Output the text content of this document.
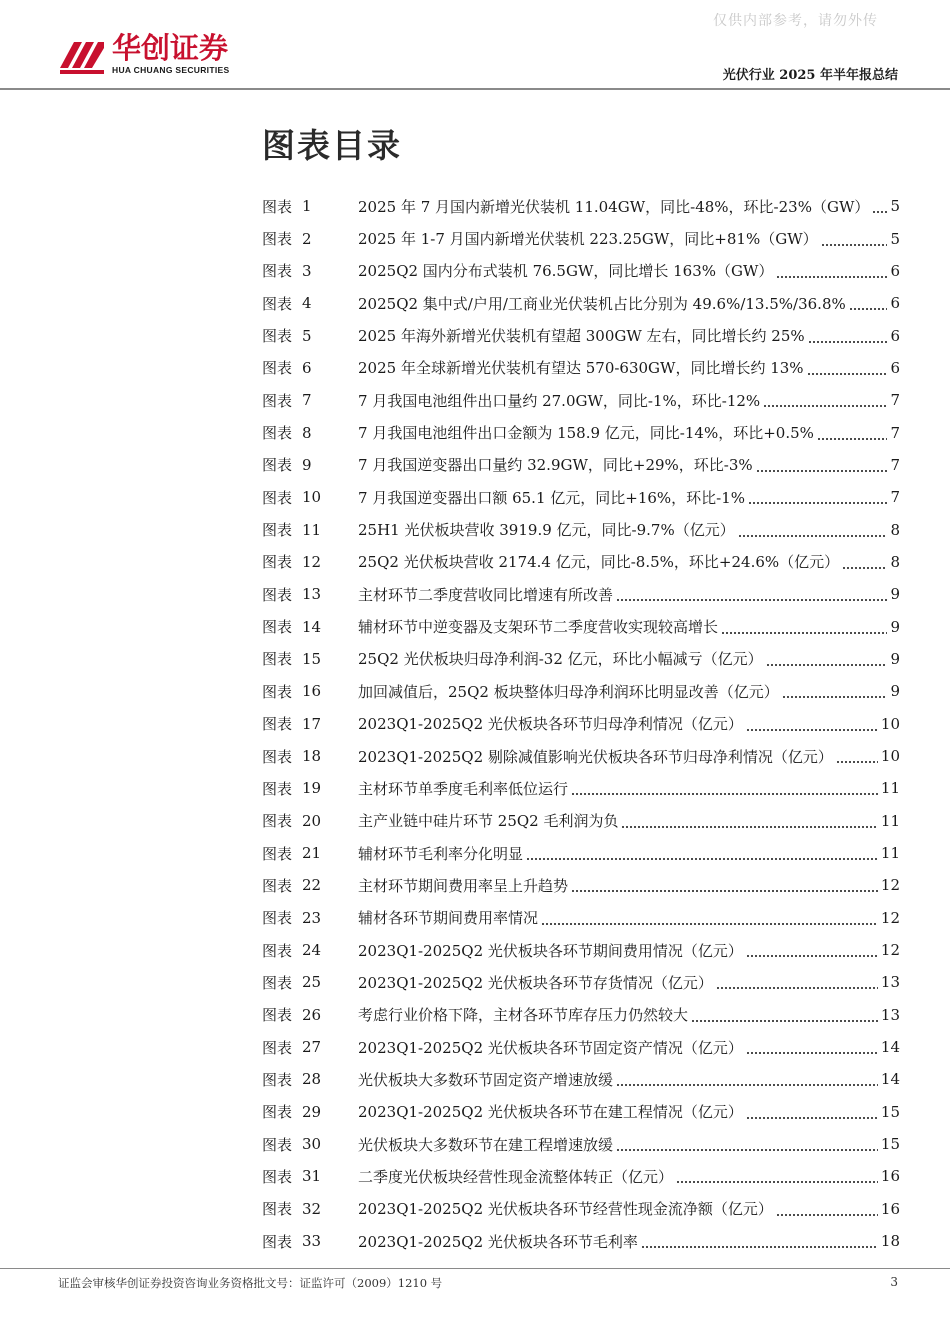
仅供内部参考，请勿外传
华创证券
HUA CHUANG SECURITIES	光伏行业 2025 年半年报总结
图表目录
图表 1	2025 年 7 月国内新增光伏装机 11.04GW，同比-48%，环比-23%（GW） 5
图表 2	2025 年 1-7 月国内新增光伏装机 223.25GW，同比+81%（GW）	5
图表 3	2025Q2 国内分布式装机 76.5GW，同比增长 163%（GW）	6
图表 4	2025Q2 集中式/户用/工商业光伏装机占比分别为 49.6%/13.5%/36.8%	6
图表 5	2025 年海外新增光伏装机有望超 300GW 左右，同比增长约 25%	6
图表 6	2025 年全球新增光伏装机有望达 570-630GW，同比增长约 13%	6
图表 7	7 月我国电池组件出口量约 27.0GW，同比-1%，环比-12%	7
图表 8	7 月我国电池组件出口金额为 158.9 亿元，同比-14%，环比+0.5%	7
图表 9	7 月我国逆变器出口量约 32.9GW，同比+29%，环比-3%	7
图表 10	7 月我国逆变器出口额 65.1 亿元，同比+16%，环比-1%	7
图表 11	25H1 光伏板块营收 3919.9 亿元，同比-9.7%（亿元）	8
图表 12	25Q2 光伏板块营收 2174.4 亿元，同比-8.5%，环比+24.6%（亿元）	8
图表 13	主材环节二季度营收同比增速有所改善	9
图表 14	辅材环节中逆变器及支架环节二季度营收实现较高增长	9
图表 15	25Q2 光伏板块归母净利润-32 亿元，环比小幅减亏（亿元）	9
图表 16	加回减值后，25Q2 板块整体归母净利润环比明显改善（亿元）	9
图表 17	2023Q1-2025Q2 光伏板块各环节归母净利情况（亿元）	10
图表 18	2023Q1-2025Q2 剔除减值影响光伏板块各环节归母净利情况（亿元）	10
图表 19	主材环节单季度毛利率低位运行	11
图表 20	主产业链中硅片环节 25Q2 毛利润为负	11
图表 21	辅材环节毛利率分化明显	11
图表 22	主材环节期间费用率呈上升趋势	12
图表 23	辅材各环节期间费用率情况	12
图表 24	2023Q1-2025Q2 光伏板块各环节期间费用情况（亿元）	12
图表 25	2023Q1-2025Q2 光伏板块各环节存货情况（亿元）	13
图表 26	考虑行业价格下降，主材各环节库存压力仍然较大	13
图表 27	2023Q1-2025Q2 光伏板块各环节固定资产情况（亿元）	14
图表 28	光伏板块大多数环节固定资产增速放缓	14
图表 29	2023Q1-2025Q2 光伏板块各环节在建工程情况（亿元）	15
图表 30	光伏板块大多数环节在建工程增速放缓	15
图表 31	二季度光伏板块经营性现金流整体转正（亿元）	16
图表 32	2023Q1-2025Q2 光伏板块各环节经营性现金流净额（亿元）	16
图表 33	2023Q1-2025Q2 光伏板块各环节毛利率	18
证监会审核华创证券投资咨询业务资格批文号：证监许可（2009）1210 号	3
